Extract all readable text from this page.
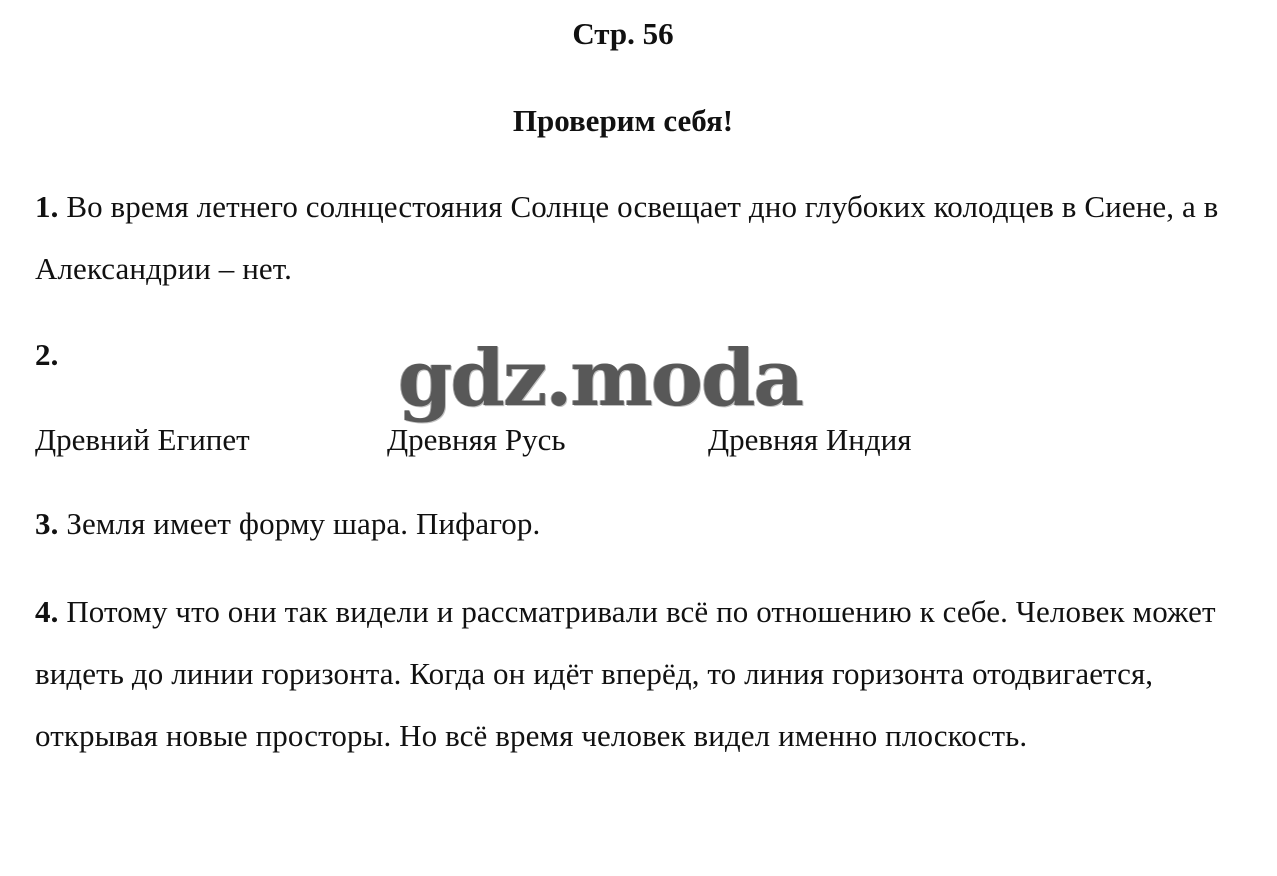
Стр. 56
Проверим себя!
1. Во время летнего солнцестояния Солнце освещает дно глубоких колодцев в Сиене, а в Александрии – нет.
2.
Древний Египет	Древняя Русь	Древняя Индия
3. Земля имеет форму шара. Пифагор.
4. Потому что они так видели и рассматривали всё по отношению к себе. Человек может видеть до линии горизонта. Когда он идёт вперёд, то линия горизонта отодвигается, открывая новые просторы. Но всё время человек видел именно плоскость.
gdz.moda
